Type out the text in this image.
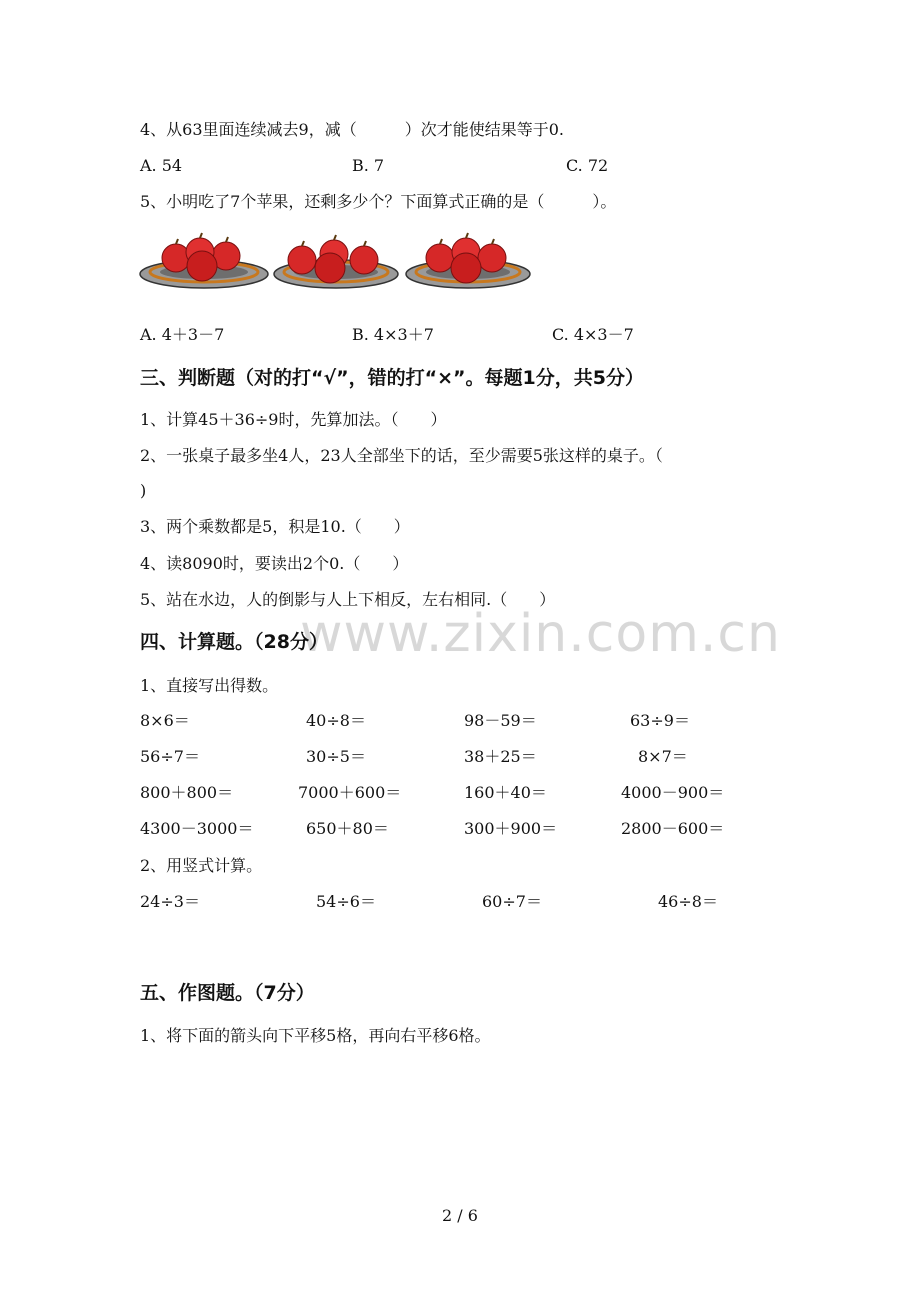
4、从63里面连续减去9，减（　　　）次才能使结果等于0.
A. 54	B. 7	C. 72
5、小明吃了7个苹果，还剩多少个？下面算式正确的是（　　　）。
A. 4＋3－7	B. 4×3＋7	C. 4×3－7
三、判断题（对的打“√”，错的打“×”。每题1分，共5分）
1、计算45＋36÷9时，先算加法。（　　）
2、一张桌子最多坐4人，23人全部坐下的话，至少需要5张这样的桌子。（
)
3、两个乘数都是5，积是10.（　　）
4、读8090时，要读出2个0.（　　）
5、站在水边，人的倒影与人上下相反，左右相同.（　　）
www.zixin.com.cn
四、计算题。（28分）
1、直接写出得数。
8×6＝	40÷8＝	98－59＝	63÷9＝
56÷7＝	30÷5＝	38＋25＝	8×7＝
800＋800＝	7000＋600＝	160＋40＝	4000－900＝
4300－3000＝	650＋80＝	300＋900＝	2800－600＝
2、用竖式计算。
24÷3＝	54÷6＝	60÷7＝	46÷8＝
五、作图题。（7分）
1、将下面的箭头向下平移5格，再向右平移6格。
2 / 6
